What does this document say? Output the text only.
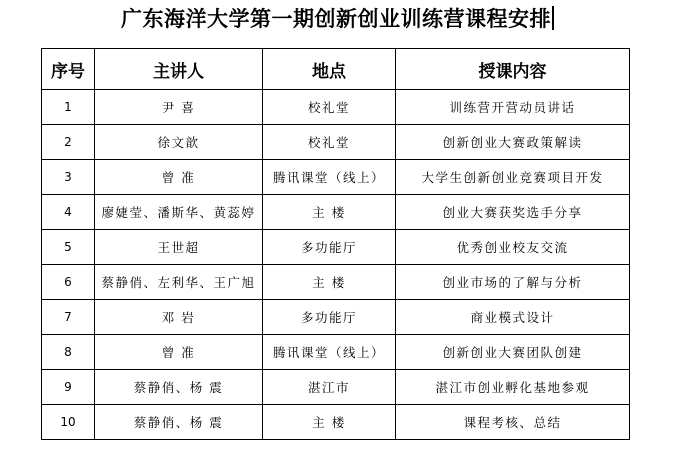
广东海洋大学第一期创新创业训练营课程安排
序号	主讲人	地点	授课内容
1	尹 喜	校礼堂	训练营开营动员讲话
2	徐文歆	校礼堂	创新创业大赛政策解读
3	曾 准	腾讯课堂（线上）	大学生创新创业竞赛项目开发
4	廖婕莹、潘斯华、黄蕊婷	主 楼	创业大赛获奖选手分享
5	王世超	多功能厅	优秀创业校友交流
6	蔡静俏、左利华、王广旭	主 楼	创业市场的了解与分析
7	邓 岩	多功能厅	商业模式设计
8	曾 准	腾讯课堂（线上）	创新创业大赛团队创建
9	蔡静俏、杨 震	湛江市	湛江市创业孵化基地参观
10	蔡静俏、杨 震	主 楼	课程考核、总结
